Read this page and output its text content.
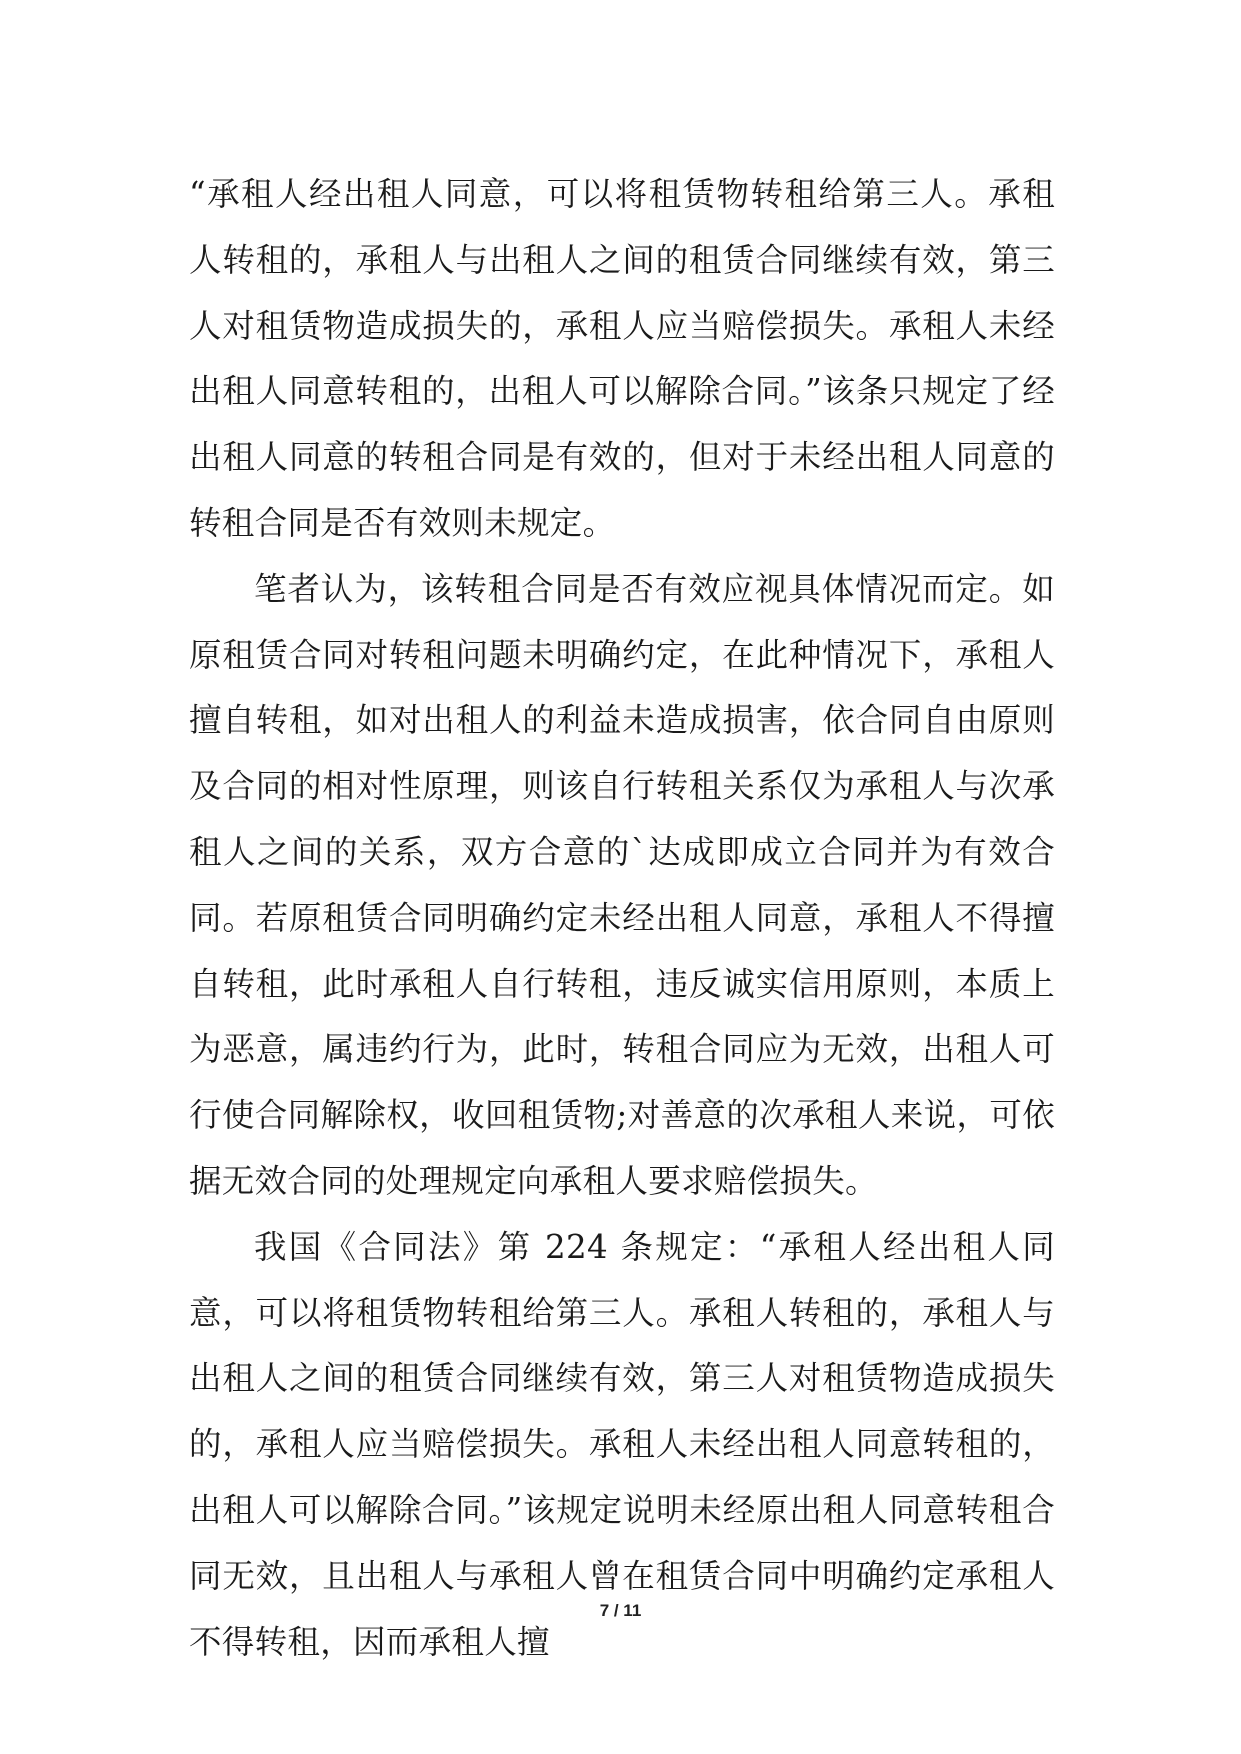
“承租人经出租人同意，可以将租赁物转租给第三人。承租人转租的，承租人与出租人之间的租赁合同继续有效，第三人对租赁物造成损失的，承租人应当赔偿损失。承租人未经出租人同意转租的，出租人可以解除合同。”该条只规定了经出租人同意的转租合同是有效的，但对于未经出租人同意的转租合同是否有效则未规定。

笔者认为，该转租合同是否有效应视具体情况而定。如原租赁合同对转租问题未明确约定，在此种情况下，承租人擅自转租，如对出租人的利益未造成损害，依合同自由原则及合同的相对性原理，则该自行转租关系仅为承租人与次承租人之间的关系，双方合意的`达成即成立合同并为有效合同。若原租赁合同明确约定未经出租人同意，承租人不得擅自转租，此时承租人自行转租，违反诚实信用原则，本质上为恶意，属违约行为，此时，转租合同应为无效，出租人可行使合同解除权，收回租赁物;对善意的次承租人来说，可依据无效合同的处理规定向承租人要求赔偿损失。

我国《合同法》第 224 条规定：“承租人经出租人同意，可以将租赁物转租给第三人。承租人转租的，承租人与出租人之间的租赁合同继续有效，第三人对租赁物造成损失的，承租人应当赔偿损失。承租人未经出租人同意转租的，出租人可以解除合同。”该规定说明未经原出租人同意转租合同无效，且出租人与承租人曾在租赁合同中明确约定承租人不得转租，因而承租人擅

7 / 11
